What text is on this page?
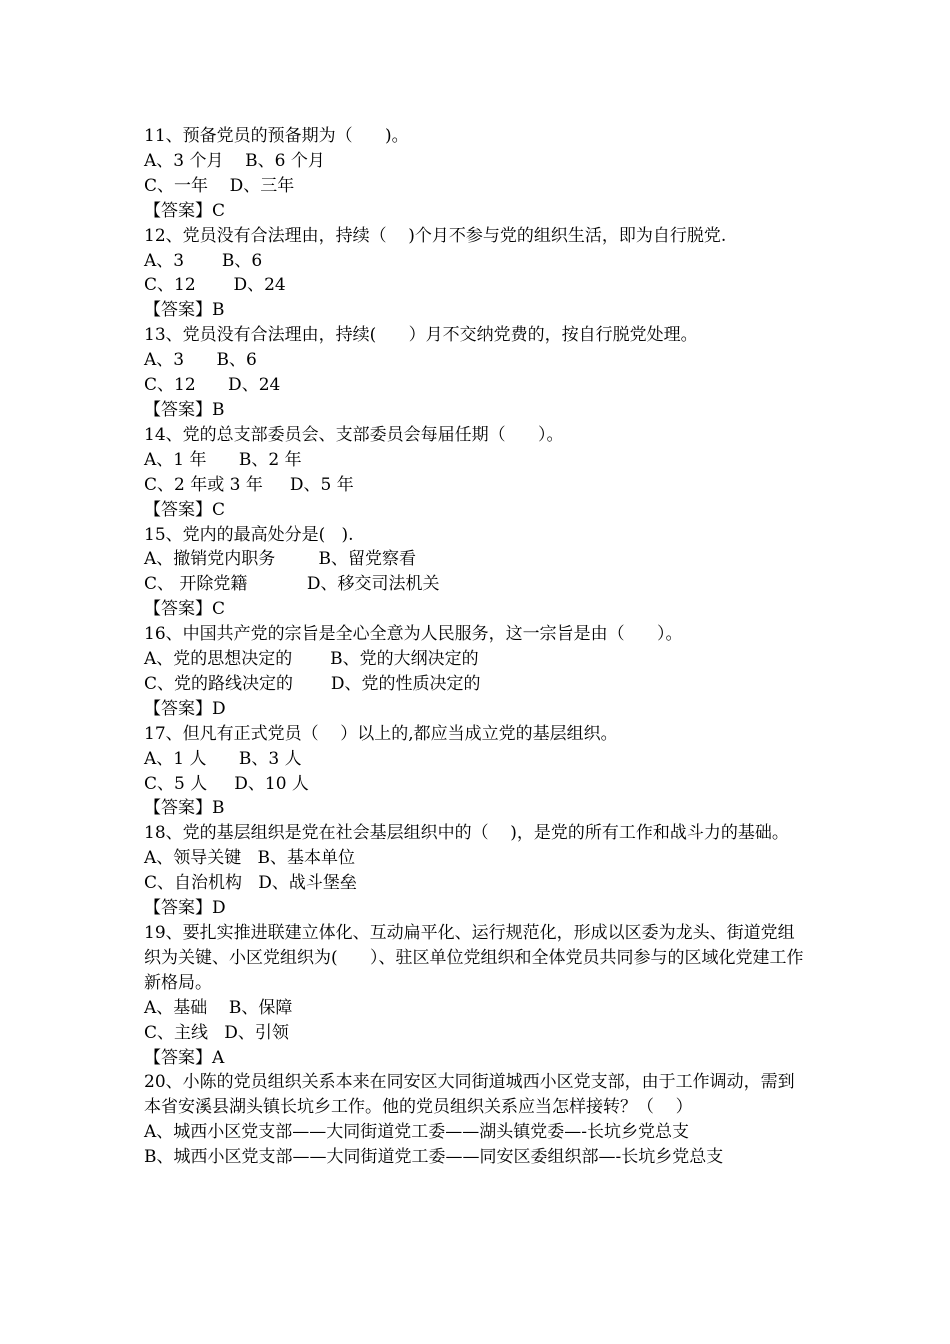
11、预备党员的预备期为（      )。
A、3 个月    B、6 个月
C、一年    D、三年
【答案】C
12、党员没有合法理由，持续（    )个月不参与党的组织生活，即为自行脱党.
A、3       B、6
C、12       D、24
【答案】B
13、党员没有合法理由，持续(      ）月不交纳党费的，按自行脱党处理。
A、3      B、6
C、12      D、24
【答案】B
14、党的总支部委员会、支部委员会每届任期（      ）。
A、1 年      B、2 年
C、2 年或 3 年     D、5 年
【答案】C
15、党内的最高处分是(   ).
A、撤销党内职务        B、留党察看
C、 开除党籍           D、移交司法机关
【答案】C
16、中国共产党的宗旨是全心全意为人民服务，这一宗旨是由（      ）。
A、党的思想决定的       B、党的大纲决定的
C、党的路线决定的       D、党的性质决定的
【答案】D
17、但凡有正式党员（    ）以上的,都应当成立党的基层组织。
A、1 人      B、3 人
C、5 人     D、10 人
【答案】B
18、党的基层组织是党在社会基层组织中的（    )，是党的所有工作和战斗力的基础。
A、领导关键   B、基本单位
C、自治机构   D、战斗堡垒
【答案】D
19、要扎实推进联建立体化、互动扁平化、运行规范化，形成以区委为龙头、街道党组织为关键、小区党组织为(      ）、驻区单位党组织和全体党员共同参与的区域化党建工作新格局。
A、基础    B、保障
C、主线   D、引领
【答案】A
20、小陈的党员组织关系本来在同安区大同街道城西小区党支部，由于工作调动，需到本省安溪县湖头镇长坑乡工作。他的党员组织关系应当怎样接转？（    ）
A、城西小区党支部——大同街道党工委——湖头镇党委—-长坑乡党总支
B、城西小区党支部——大同街道党工委——同安区委组织部—-长坑乡党总支
